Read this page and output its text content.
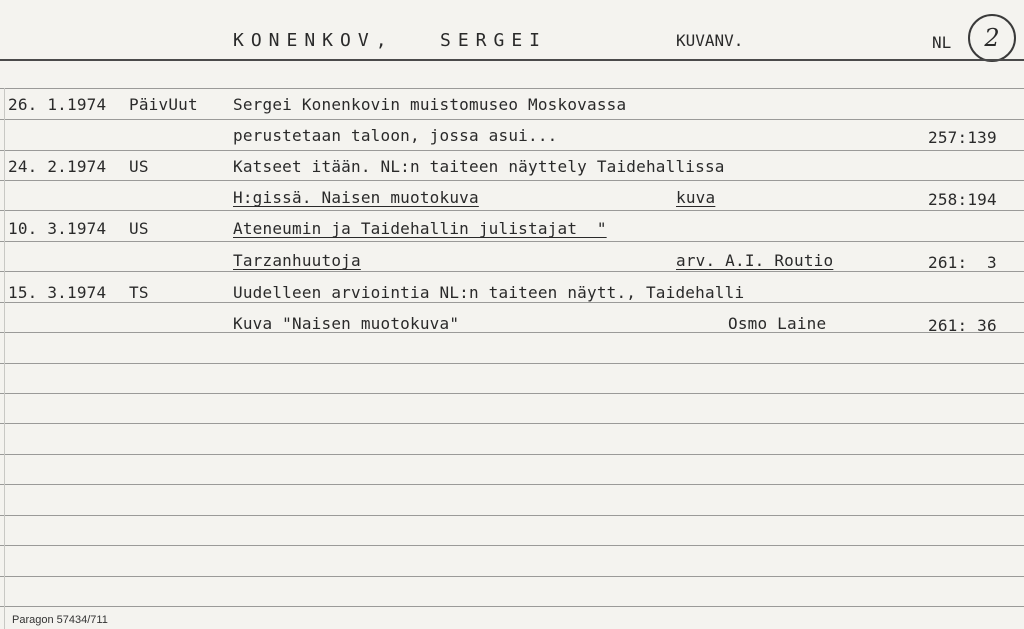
KONENKOV,	SERGEI	KUVANV.	NL 2
26. 1.1974 PäivUut Sergei Konenkovin muistomuseo Moskovassa
perustetaan taloon, jossa asui...	257:139
24. 2.1974 US	Katseet itään. NL:n taiteen näyttely Taidehallissa
H:gissä. Naisen muotokuva	kuva	258:194
10. 3.1974 US	Ateneumin ja Taidehallin julistajat  "
Tarzanhuutoja	arv. A.I. Routio	261:  3
15. 3.1974 TS	Uudelleen arviointia NL:n taiteen näytt., Taidehalli
Kuva "Naisen muotokuva"	Osmo Laine	261: 36
Paragon 57434/711
